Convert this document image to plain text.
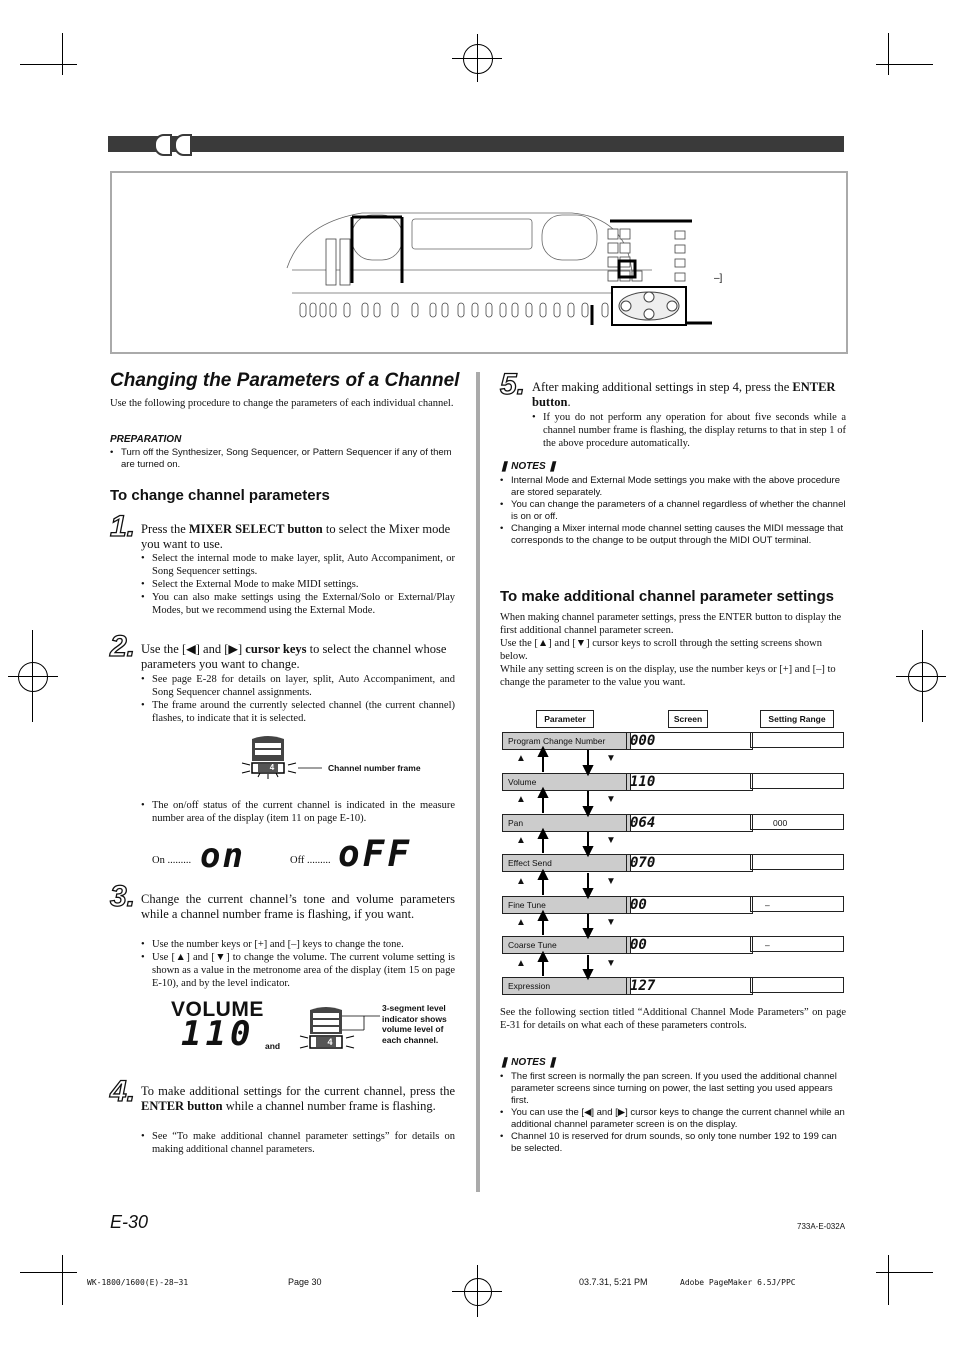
–]
Changing the Parameters of a Channel
Use the following procedure to change the parameters of each individual channel.
PREPARATION
• Turn off the Synthesizer, Song Sequencer, or Pattern Sequencer if any of them are turned on.
To change channel parameters
1. Press the MIXER SELECT button to select the Mixer mode you want to use.
• Select the internal mode to make layer, split, Auto Accompaniment, or Song Sequencer settings.
• Select the External Mode to make MIDI settings.
• You can also make settings using the External/Solo or External/Play Modes, but we recommend using the External Mode.
2. Use the [◀] and [▶] cursor keys to select the channel whose parameters you want to change.
• See page E-28 for details on layer, split, Auto Accompaniment, and Song Sequencer channel assignments.
• The frame around the currently selected channel (the current channel) flashes, to indicate that it is selected.
4	Channel number frame
• The on/off status of the current channel is indicated in the measure number area of the display (item 11 on page E-10).
On ......... on	Off ......... oFF
3. Change the current channel’s tone and volume parameters while a channel number frame is flashing, if you want.
• Use the number keys or [+] and [–] keys to change the tone.
• Use [▲] and [▼] to change the volume. The current volume setting is shown as a value in the metronome area of the display (item 15 on page E-10), and by the level indicator.
VOLUME
110 and	4
3-segment level indicator shows volume level of each channel.
4. To make additional settings for the current channel, press the ENTER button while a channel number frame is flashing.
• See “To make additional channel parameter settings” for details on making additional channel parameters.
5. After making additional settings in step 4, press the ENTER button.
• If you do not perform any operation for about five seconds while a channel number frame is flashing, the display returns to that in step 1 of the above procedure automatically.
❚ NOTES ❚
• Internal Mode and External Mode settings you make with the above procedure are stored separately.
• You can change the parameters of a channel regardless of whether the channel is on or off.
• Changing a Mixer internal mode channel setting causes the MIDI message that corresponds to the change to be output through the MIDI OUT terminal.
To make additional channel parameter settings
When making channel parameter settings, press the ENTER button to display the first additional channel parameter screen.
Use the [▲] and [▼] cursor keys to scroll through the setting screens shown below.
While any setting screen is on the display, use the number keys or [+] and [–] to change the parameter to the value you want.
Parameter	Screen	Setting Range
Program Change Number	000
Volume	110
Pan	064	000
Effect Send	070
Fine Tune	00	–
Coarse Tune	00	–
Expression	127
▲	▼
▲	▼
▲	▼
▲	▼
▲	▼
▲	▼
See the following section titled “Additional Channel Mode Parameters” on page E-31 for details on what each of these parameters controls.
❚ NOTES ❚
• The first screen is normally the pan screen. If you used the additional channel parameter screens since turning on power, the last setting you used appears first.
• You can use the [◀] and [▶] cursor keys to change the current channel while an additional channel parameter screen is on the display.
• Channel 10 is reserved for drum sounds, so only tone number 192 to 199 can be selected.
E-30	733A-E-032A
WK-1800/1600(E)-28~31	Page 30	03.7.31, 5:21 PM	Adobe PageMaker 6.5J/PPC
